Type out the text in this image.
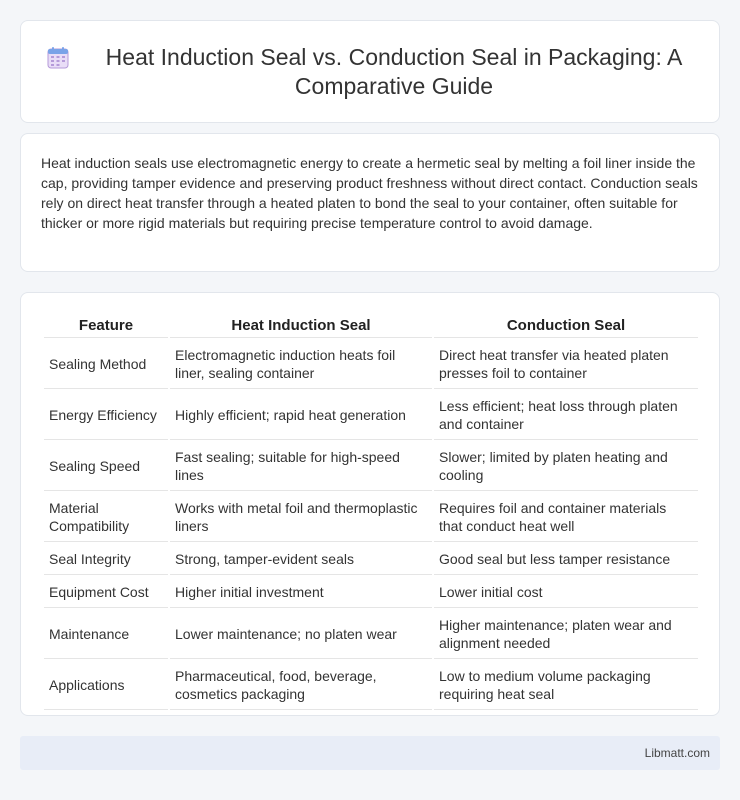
Heat Induction Seal vs. Conduction Seal in Packaging: A Comparative Guide

Heat induction seals use electromagnetic energy to create a hermetic seal by melting a foil liner inside the cap, providing tamper evidence and preserving product freshness without direct contact. Conduction seals rely on direct heat transfer through a heated platen to bond the seal to your container, often suitable for thicker or more rigid materials but requiring precise temperature control to avoid damage.

Feature	Heat Induction Seal	Conduction Seal
Sealing Method	Electromagnetic induction heats foil liner, sealing container	Direct heat transfer via heated platen presses foil to container
Energy Efficiency	Highly efficient; rapid heat generation	Less efficient; heat loss through platen and container
Sealing Speed	Fast sealing; suitable for high-speed lines	Slower; limited by platen heating and cooling
Material Compatibility	Works with metal foil and thermoplastic liners	Requires foil and container materials that conduct heat well
Seal Integrity	Strong, tamper-evident seals	Good seal but less tamper resistance
Equipment Cost	Higher initial investment	Lower initial cost
Maintenance	Lower maintenance; no platen wear	Higher maintenance; platen wear and alignment needed
Applications	Pharmaceutical, food, beverage, cosmetics packaging	Low to medium volume packaging requiring heat seal
Libmatt.com
